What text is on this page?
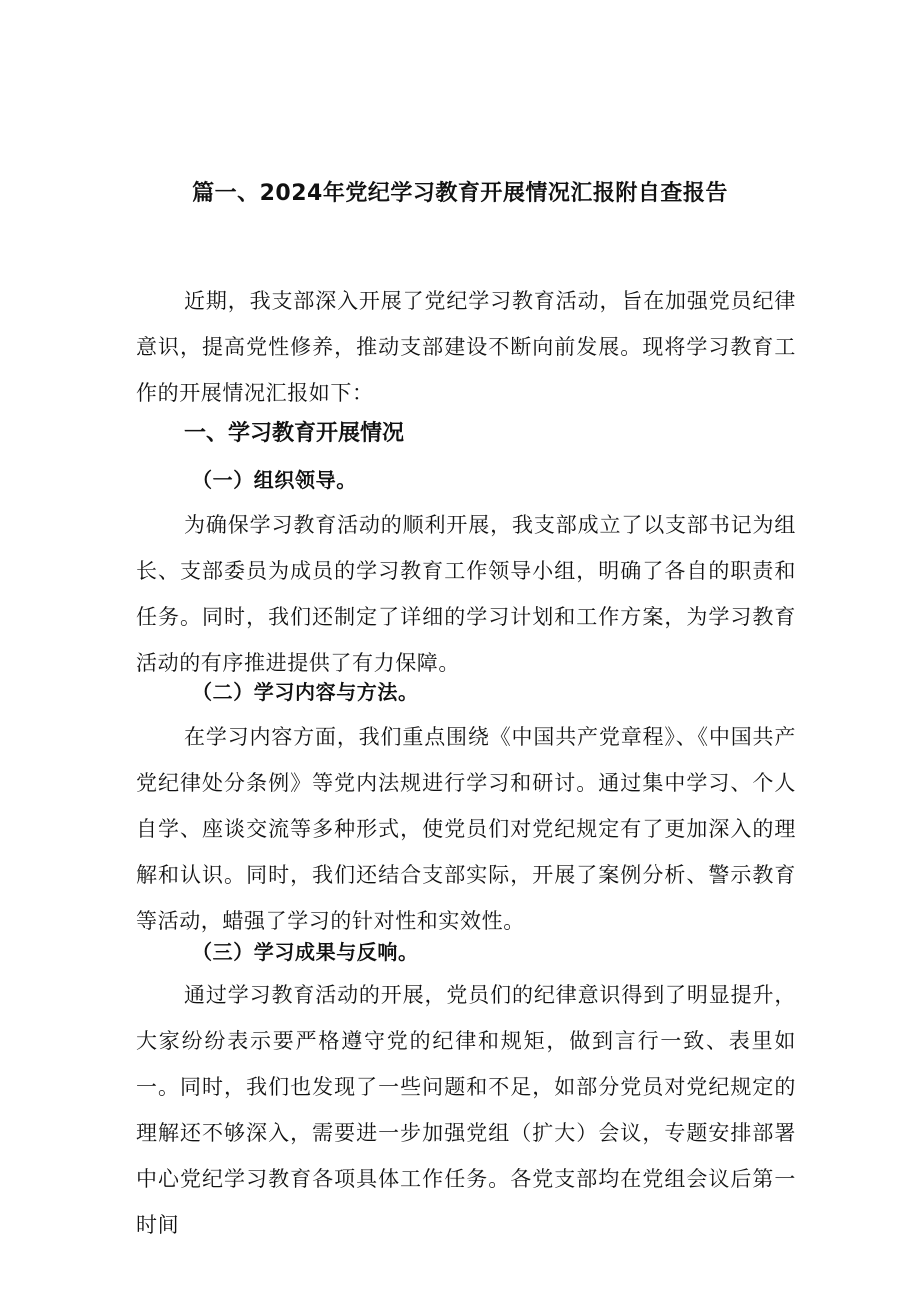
篇一、2024年党纪学习教育开展情况汇报附自查报告

近期，我支部深入开展了党纪学习教育活动，旨在加强党员纪律意识，提高党性修养，推动支部建设不断向前发展。现将学习教育工作的开展情况汇报如下：

一、学习教育开展情况
（一）组织领导。

为确保学习教育活动的顺利开展，我支部成立了以支部书记为组长、支部委员为成员的学习教育工作领导小组，明确了各自的职责和任务。同时，我们还制定了详细的学习计划和工作方案，为学习教育活动的有序推进提供了有力保障。

（二）学习内容与方法。

在学习内容方面，我们重点围绕《中国共产党章程》、《中国共产党纪律处分条例》等党内法规进行学习和研讨。通过集中学习、个人自学、座谈交流等多种形式，使党员们对党纪规定有了更加深入的理解和认识。同时，我们还结合支部实际，开展了案例分析、警示教育等活动，蜡强了学习的针对性和实效性。

（三）学习成果与反响。

通过学习教育活动的开展，党员们的纪律意识得到了明显提升，大家纷纷表示要严格遵守党的纪律和规矩，做到言行一致、表里如一。同时，我们也发现了一些问题和不足，如部分党员对党纪规定的理解还不够深入，需要进一步加强党组（扩大）会议，专题安排部署中心党纪学习教育各项具体工作任务。各党支部均在党组会议后第一时间
